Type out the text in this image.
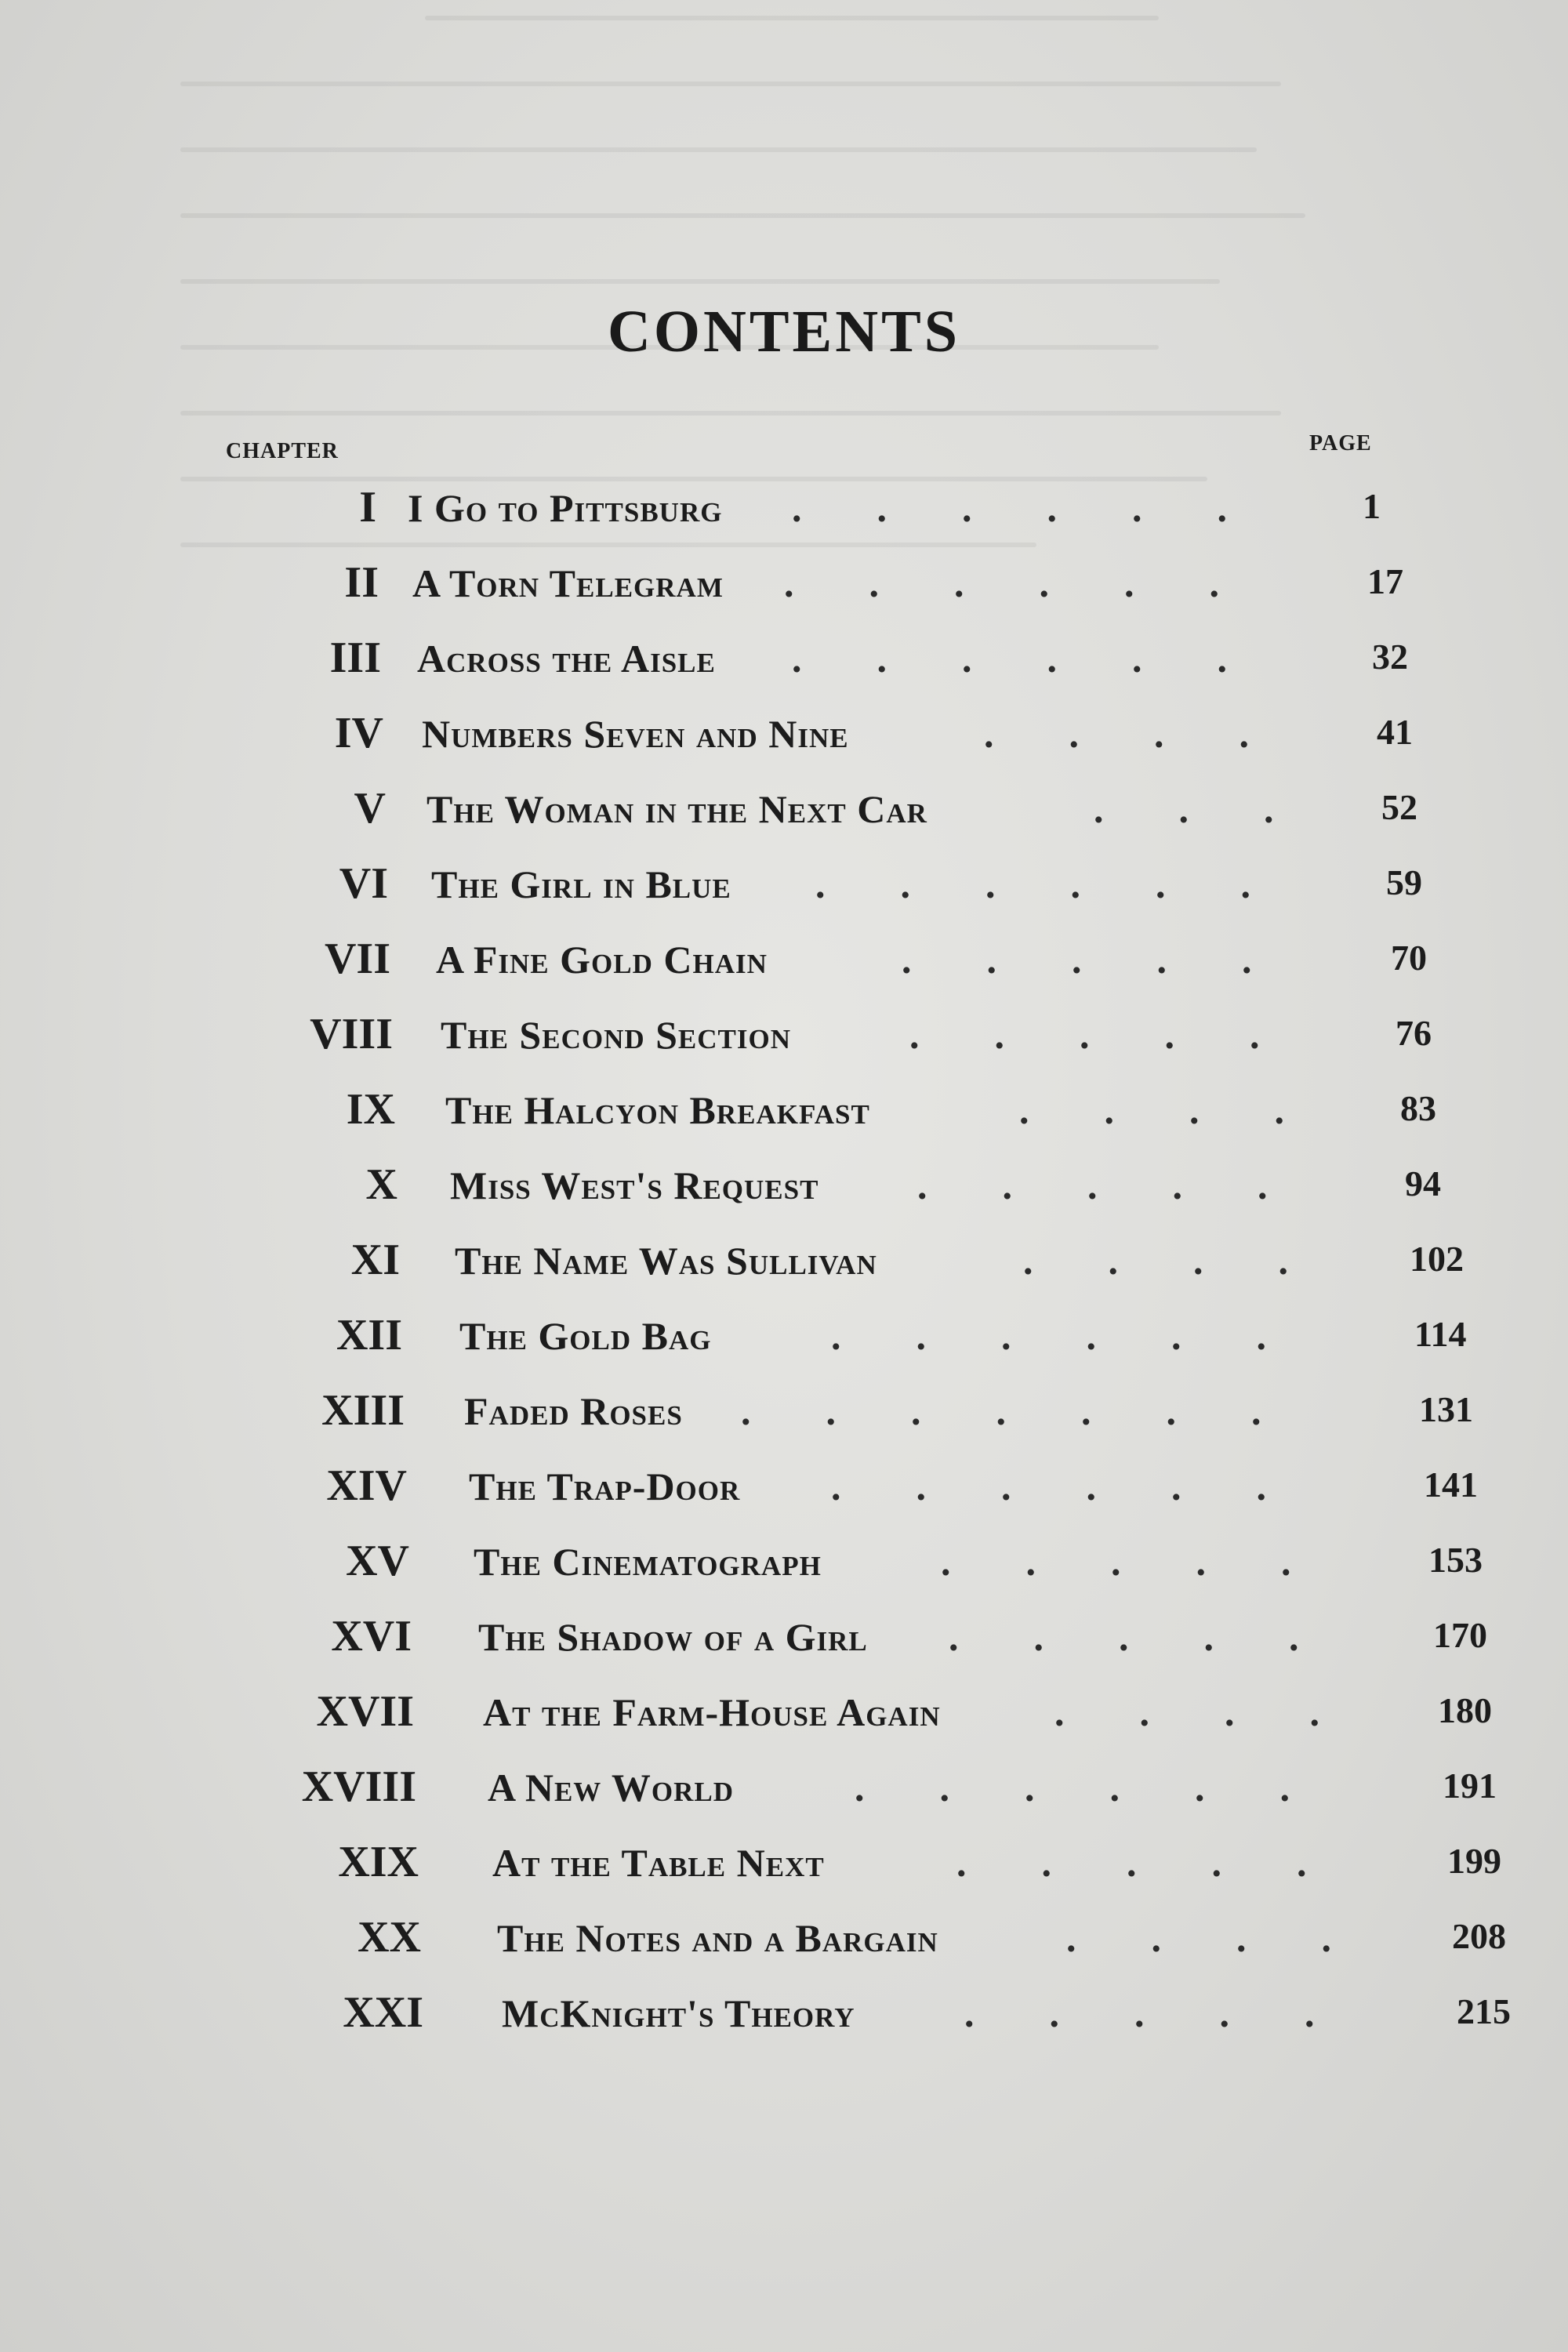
CONTENTS
CHAPTER	PAGE
I I Go to Pittsburg ...... 1
II A Torn Telegram ...... 17
III Across the Aisle ...... 32
IV Numbers Seven and Nine	.... 41
V The Woman in the Next Car	... 52
VI The Girl in Blue ...... 59
VII A Fine Gold Chain	..... 70
VIII The Second Section	..... 76
IX The Halcyon Breakfast	.... 83
X Miss West's Request	..... 94
XI The Name Was Sullivan	.... 102
XII The Gold Bag	...... 114
XIII Faded Roses ....... 131
XIV The Trap-Door ...... 141
XV The Cinematograph	..... 153
XVI The Shadow of a Girl ..... 170
XVII At the Farm-House Again	.... 180
XVIII A New World	...... 191
XIX At the Table Next	..... 199
XX The Notes and a Bargain	.... 208
XXI McKnight's Theory	..... 215
